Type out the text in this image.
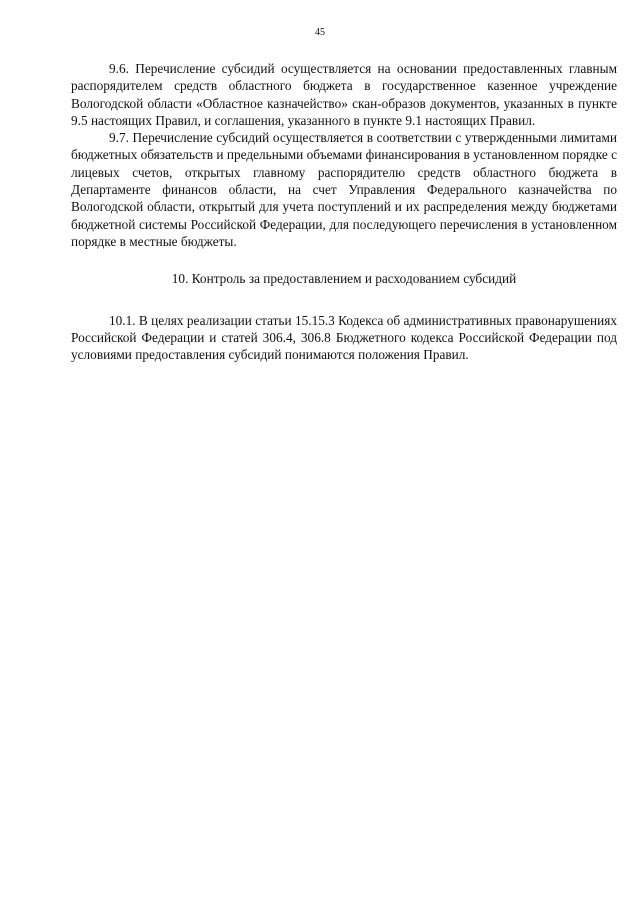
45

9.6. Перечисление субсидий осуществляется на основании предоставленных главным распорядителем средств областного бюджета в государственное казенное учреждение Вологодской области «Областное казначейство» скан-образов документов, указанных в пункте 9.5 настоящих Правил, и соглашения, указанного в пункте 9.1 настоящих Правил.

9.7. Перечисление субсидий осуществляется в соответствии с утвержденными лимитами бюджетных обязательств и предельными объемами финансирования в установленном порядке с лицевых счетов, открытых главному распорядителю средств областного бюджета в Департаменте финансов области, на счет Управления Федерального казначейства по Вологодской области, открытый для учета поступлений и их распределения между бюджетами бюджетной системы Российской Федерации, для последующего перечисления в установленном порядке в местные бюджеты.

10. Контроль за предоставлением и расходованием субсидий

10.1. В целях реализации статьи 15.15.3 Кодекса об административных правонарушениях Российской Федерации и статей 306.4, 306.8 Бюджетного кодекса Российской Федерации под условиями предоставления субсидий понимаются положения Правил.
